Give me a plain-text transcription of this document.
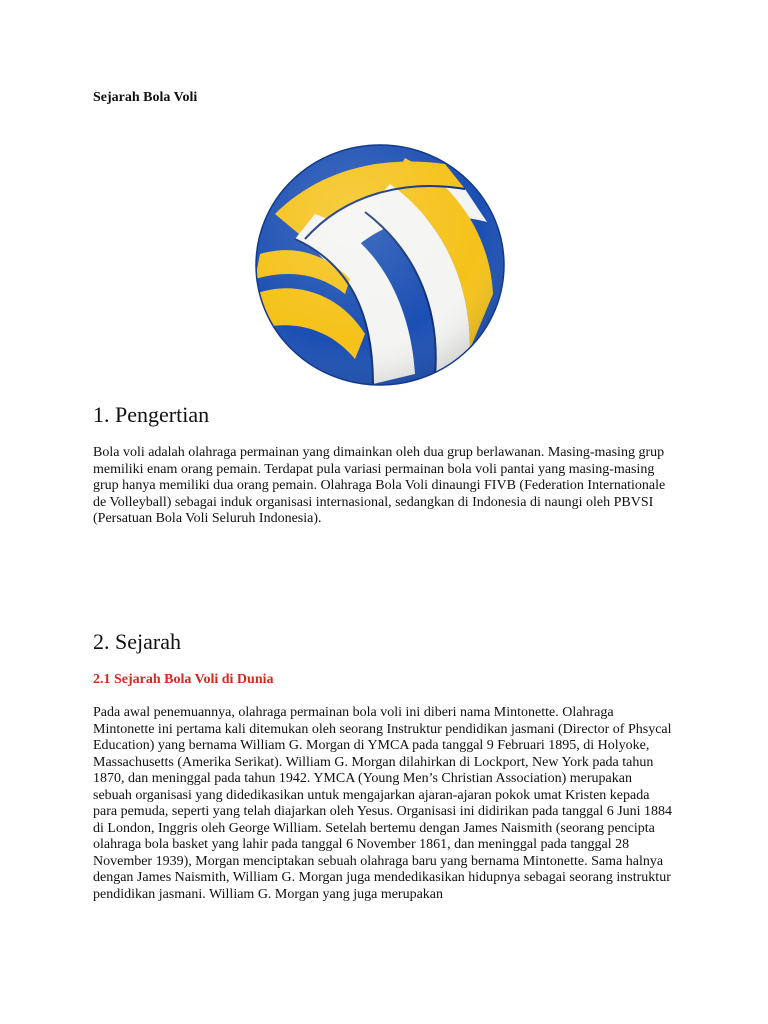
Sejarah Bola Voli
1. Pengertian

Bola voli adalah olahraga permainan yang dimainkan oleh dua grup berlawanan. Masing-masing grup memiliki enam orang pemain. Terdapat pula variasi permainan bola voli pantai yang masing-masing grup hanya memiliki dua orang pemain. Olahraga Bola Voli dinaungi FIVB (Federation Internationale de Volleyball) sebagai induk organisasi internasional, sedangkan di Indonesia di naungi oleh PBVSI (Persatuan Bola Voli Seluruh Indonesia).

2. Sejarah
2.1 Sejarah Bola Voli di Dunia

Pada awal penemuannya, olahraga permainan bola voli ini diberi nama Mintonette. Olahraga Mintonette ini pertama kali ditemukan oleh seorang Instruktur pendidikan jasmani (Director of Phsycal Education) yang bernama William G. Morgan di YMCA pada tanggal 9 Februari 1895, di Holyoke, Massachusetts (Amerika Serikat). William G. Morgan dilahirkan di Lockport, New York pada tahun 1870, dan meninggal pada tahun 1942. YMCA (Young Men’s Christian Association) merupakan sebuah organisasi yang didedikasikan untuk mengajarkan ajaran-ajaran pokok umat Kristen kepada para pemuda, seperti yang telah diajarkan oleh Yesus. Organisasi ini didirikan pada tanggal 6 Juni 1884 di London, Inggris oleh George William. Setelah bertemu dengan James Naismith (seorang pencipta olahraga bola basket yang lahir pada tanggal 6 November 1861, dan meninggal pada tanggal 28 November 1939), Morgan menciptakan sebuah olahraga baru yang bernama Mintonette. Sama halnya dengan James Naismith, William G. Morgan juga mendedikasikan hidupnya sebagai seorang instruktur pendidikan jasmani. William G. Morgan yang juga merupakan
